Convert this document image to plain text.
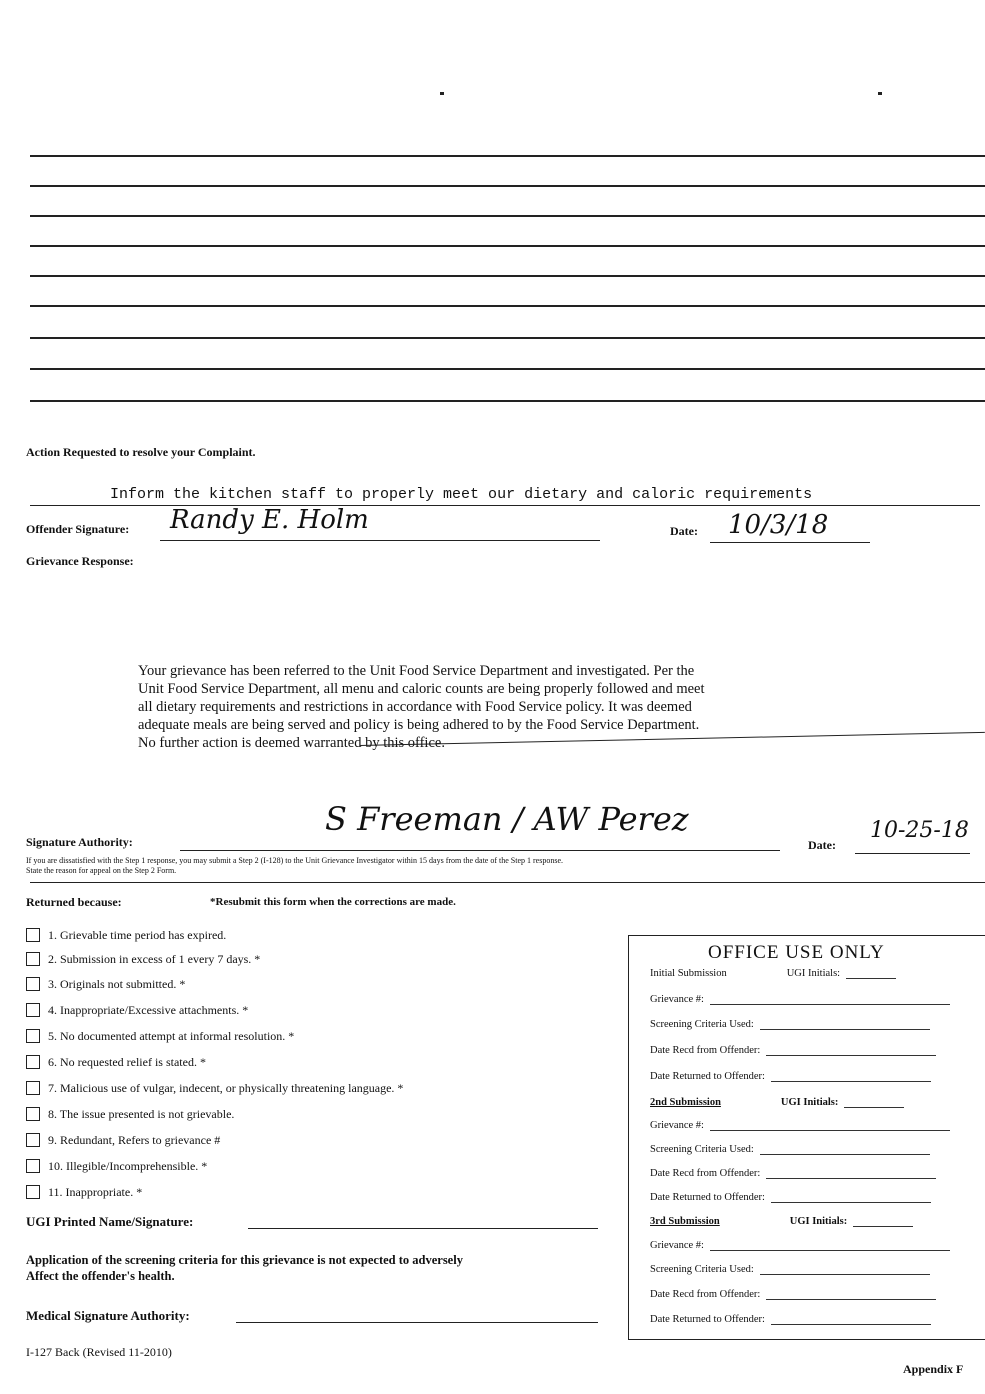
Action Requested to resolve your Complaint.
Inform the kitchen staff to properly meet our dietary and caloric requirements
Offender Signature: Randy E. Holm	Date: 10/3/18
Grievance Response:
Your grievance has been referred to the Unit Food Service Department and investigated. Per the
Unit Food Service Department, all menu and caloric counts are being properly followed and meet
all dietary requirements and restrictions in accordance with Food Service policy. It was deemed
adequate meals are being served and policy is being adhered to by the Food Service Department.
No further action is deemed warranted by this office.
Signature Authority:
S Freeman / AW Perez
Date:
10-25-18
If you are dissatisfied with the Step 1 response, you may submit a Step 2 (I-128) to the Unit Grievance Investigator within 15 days from the date of the Step 1 response.
State the reason for appeal on the Step 2 Form.
Returned because:	*Resubmit this form when the corrections are made.
1. Grievable time period has expired.
2. Submission in excess of 1 every 7 days. *
3. Originals not submitted. *
4. Inappropriate/Excessive attachments. *
5. No documented attempt at informal resolution. *
6. No requested relief is stated. *
7. Malicious use of vulgar, indecent, or physically threatening language. *
8. The issue presented is not grievable.
9. Redundant, Refers to grievance #
10. Illegible/Incomprehensible. *
11. Inappropriate. *
UGI Printed Name/Signature:
Application of the screening criteria for this grievance is not expected to adversely
Affect the offender's health.
Medical Signature Authority:
I-127 Back (Revised 11-2010)
Appendix F
OFFICE USE ONLY
Initial Submission	UGI Initials:
Grievance #:
Screening Criteria Used:
Date Recd from Offender:
Date Returned to Offender:
2nd Submission	UGI Initials:
Grievance #:
Screening Criteria Used:
Date Recd from Offender:
Date Returned to Offender:
3rd Submission	UGI Initials:
Grievance #:
Screening Criteria Used:
Date Recd from Offender:
Date Returned to Offender:
